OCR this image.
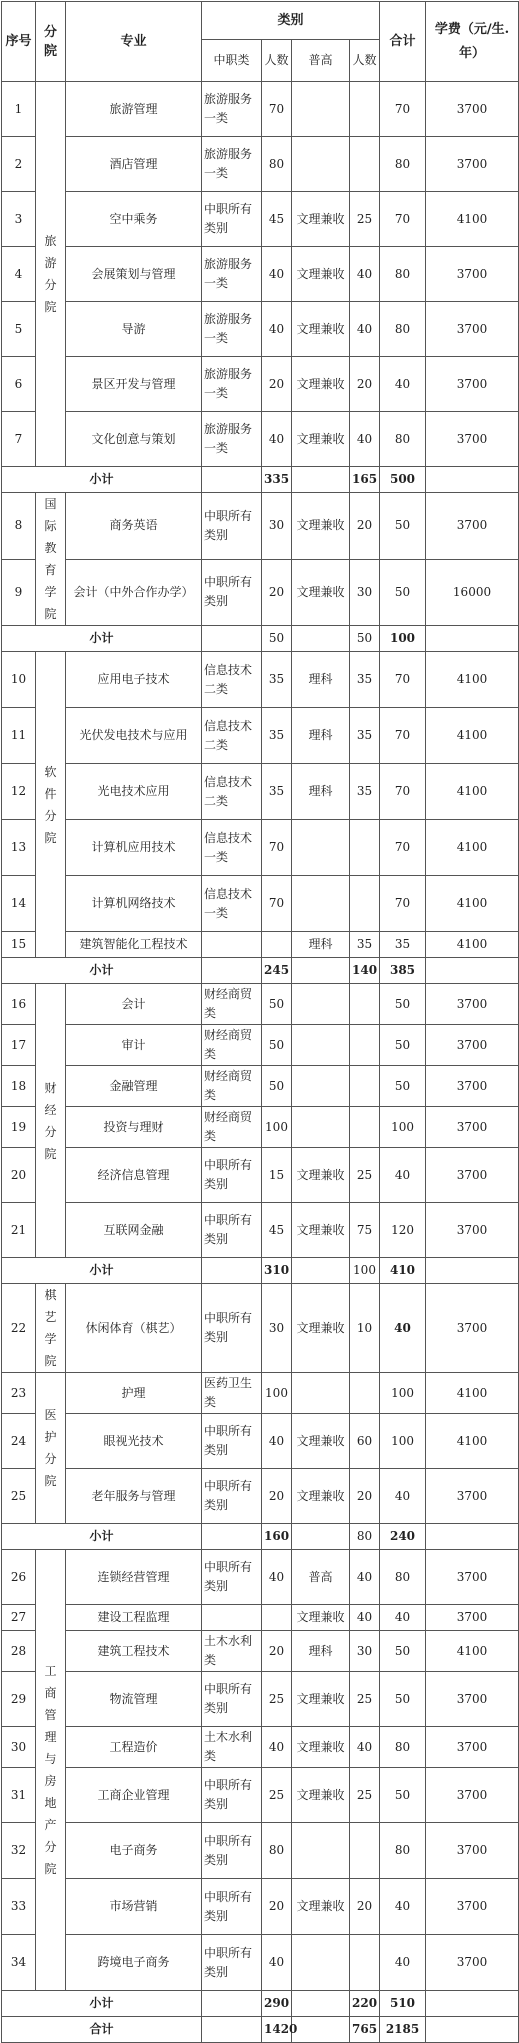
序号	分院	专业	类别				合计	学费（元/生.年）
			中职类	人数	普高	人数		
1	旅游分院	旅游管理	旅游服务一类	70			70	3700
2		酒店管理	旅游服务一类	80			80	3700
3		空中乘务	中职所有类别	45	文理兼收	25	70	4100
4		会展策划与管理	旅游服务一类	40	文理兼收	40	80	3700
5		导游	旅游服务一类	40	文理兼收	40	80	3700
6		景区开发与管理	旅游服务一类	20	文理兼收	20	40	3700
7		文化创意与策划	旅游服务一类	40	文理兼收	40	80	3700
小计				335		165	500	
8	国际教育学院	商务英语	中职所有类别	30	文理兼收	20	50	3700
9		会计（中外合作办学）	中职所有类别	20	文理兼收	30	50	16000
小计				50		50	100	
10	软件分院	应用电子技术	信息技术二类	35	理科	35	70	4100
11		光伏发电技术与应用	信息技术二类	35	理科	35	70	4100
12		光电技术应用	信息技术二类	35	理科	35	70	4100
13		计算机应用技术	信息技术一类	70			70	4100
14		计算机网络技术	信息技术一类	70			70	4100
15		建筑智能化工程技术			理科	35	35	4100
小计				245		140	385	
16	财经分院	会计	财经商贸类	50			50	3700
17		审计	财经商贸类	50			50	3700
18		金融管理	财经商贸类	50			50	3700
19		投资与理财	财经商贸类	100			100	3700
20		经济信息管理	中职所有类别	15	文理兼收	25	40	3700
21		互联网金融	中职所有类别	45	文理兼收	75	120	3700
小计				310		100	410	
22	棋艺学院	休闲体育（棋艺）	中职所有类别	30	文理兼收	10	40	3700
23	医护分院	护理	医药卫生类	100			100	4100
24		眼视光技术	中职所有类别	40	文理兼收	60	100	4100
25		老年服务与管理	中职所有类别	20	文理兼收	20	40	3700
小计				160		80	240	
26	工商管理与房地产分院	连锁经营管理	中职所有类别	40	普高	40	80	3700
27		建设工程监理			文理兼收	40	40	3700
28		建筑工程技术	土木水利类	20	理科	30	50	4100
29		物流管理	中职所有类别	25	文理兼收	25	50	3700
30		工程造价	土木水利类	40	文理兼收	40	80	3700
31		工商企业管理	中职所有类别	25	文理兼收	25	50	3700
32		电子商务	中职所有类别	80			80	3700
33		市场营销	中职所有类别	20	文理兼收	20	40	3700
34		跨境电子商务	中职所有类别	40			40	3700
小计				290		220	510	
合计				1420		765	2185	
